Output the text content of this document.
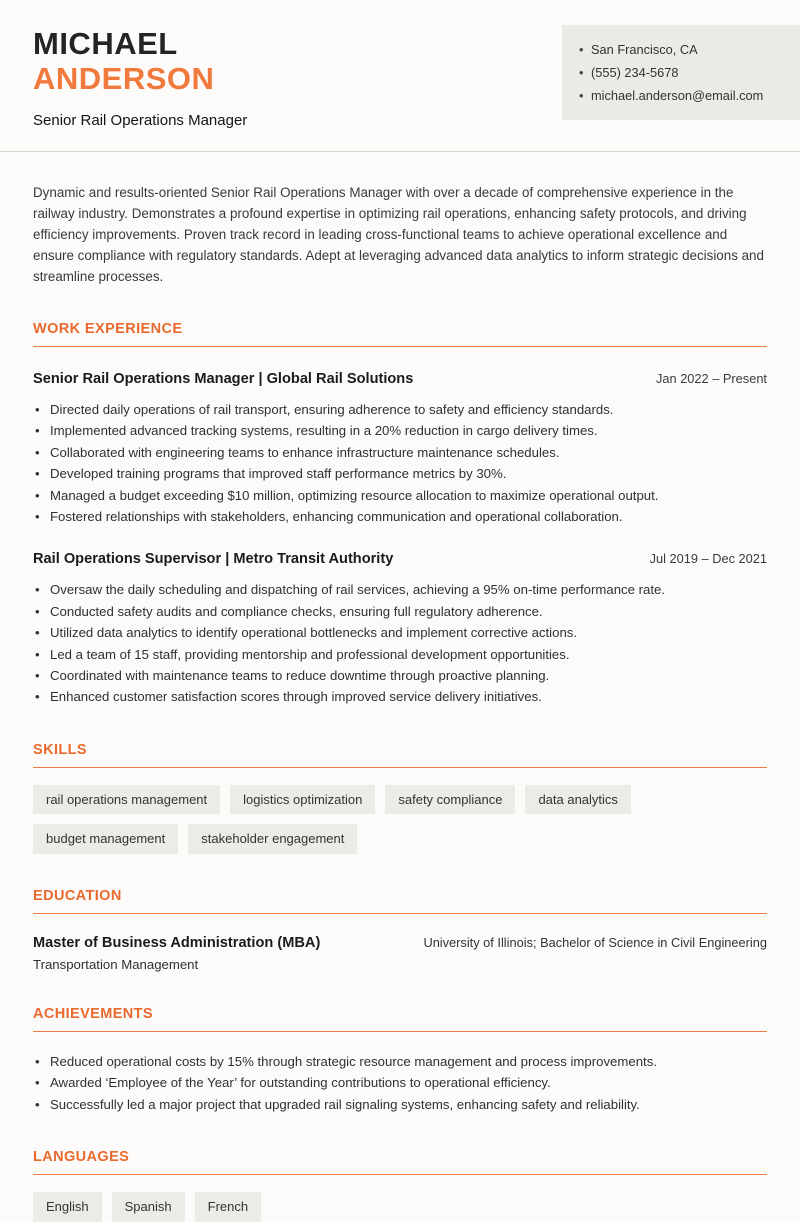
MICHAEL
ANDERSON
Senior Rail Operations Manager
• San Francisco, CA
• (555) 234-5678
• michael.anderson@email.com

Dynamic and results-oriented Senior Rail Operations Manager with over a decade of comprehensive experience in the railway industry. Demonstrates a profound expertise in optimizing rail operations, enhancing safety protocols, and driving efficiency improvements. Proven track record in leading cross-functional teams to achieve operational excellence and ensure compliance with regulatory standards. Adept at leveraging advanced data analytics to inform strategic decisions and streamline processes.

WORK EXPERIENCE
Senior Rail Operations Manager | Global Rail Solutions	Jan 2022 – Present
• Directed daily operations of rail transport, ensuring adherence to safety and efficiency standards.
• Implemented advanced tracking systems, resulting in a 20% reduction in cargo delivery times.
• Collaborated with engineering teams to enhance infrastructure maintenance schedules.
• Developed training programs that improved staff performance metrics by 30%.
• Managed a budget exceeding $10 million, optimizing resource allocation to maximize operational output.
• Fostered relationships with stakeholders, enhancing communication and operational collaboration.
Rail Operations Supervisor | Metro Transit Authority	Jul 2019 – Dec 2021
• Oversaw the daily scheduling and dispatching of rail services, achieving a 95% on-time performance rate.
• Conducted safety audits and compliance checks, ensuring full regulatory adherence.
• Utilized data analytics to identify operational bottlenecks and implement corrective actions.
• Led a team of 15 staff, providing mentorship and professional development opportunities.
• Coordinated with maintenance teams to reduce downtime through proactive planning.
• Enhanced customer satisfaction scores through improved service delivery initiatives.
SKILLS
rail operations management	logistics optimization	safety compliance	data analytics
budget management	stakeholder engagement
EDUCATION
Master of Business Administration (MBA)	University of Illinois; Bachelor of Science in Civil Engineering
Transportation Management
ACHIEVEMENTS
• Reduced operational costs by 15% through strategic resource management and process improvements.
• Awarded ‘Employee of the Year’ for outstanding contributions to operational efficiency.
• Successfully led a major project that upgraded rail signaling systems, enhancing safety and reliability.
LANGUAGES
English	Spanish	French
